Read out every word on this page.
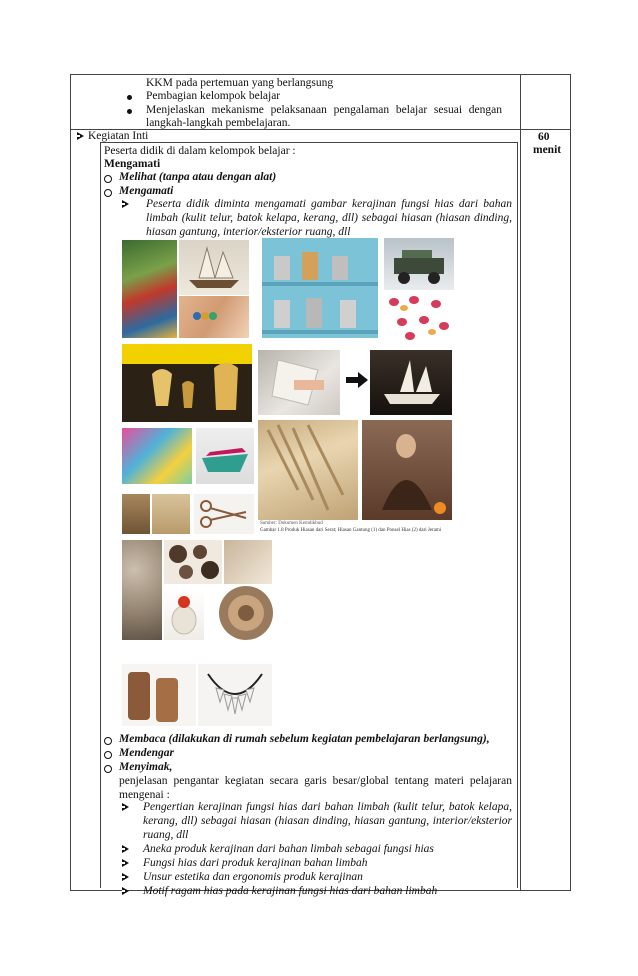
KKM pada pertemuan yang berlangsung
Pembagian kelompok belajar
Menjelaskan mekanisme pelaksanaan pengalaman belajar sesuai dengan
langkah-langkah pembelajaran.
Kegiatan Inti	60
menit
Peserta didik di dalam kelompok belajar :
Mengamati
Melihat (tanpa atau dengan alat)
Mengamati
Peserta didik diminta mengamati gambar kerajinan fungsi hias dari bahan
limbah (kulit telur, batok kelapa, kerang, dll) sebagai hiasan (hiasan dinding,
hiasan gantung, interior/eksterior ruang, dll
Sumber: Dokumen Kemdikbud
Gambar 1.8 Produk Hiasan dari Serat; Hiasan Gantung (1) dan Ponsel Hias (2) dari Jerami
Membaca (dilakukan di rumah sebelum kegiatan pembelajaran berlangsung),
Mendengar
Menyimak,
penjelasan pengantar kegiatan secara garis besar/global tentang materi pelajaran
mengenai :
Pengertian kerajinan fungsi hias dari bahan limbah (kulit telur, batok kelapa,
kerang, dll) sebagai hiasan (hiasan dinding, hiasan gantung, interior/eksterior
ruang, dll
Aneka produk kerajinan dari bahan limbah sebagai fungsi hias
Fungsi hias dari produk kerajinan bahan limbah
Unsur estetika dan ergonomis produk kerajinan
Motif ragam hias pada kerajinan fungsi hias dari bahan limbah
